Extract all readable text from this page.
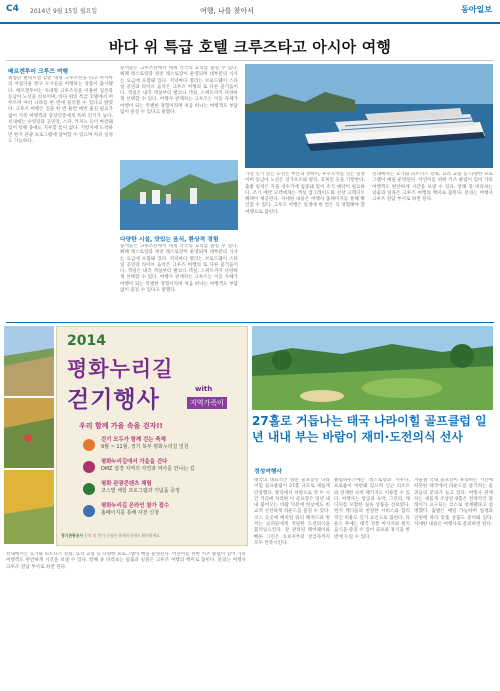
C4 2014년 9월 15일 월요일	여행, 나를 찾아서	동아일보
바다 위 특급 호텔 크루즈타고 아시아 여행
베르겐투어 크루즈 여행
최첨단 편의시설 갖춘 대형 크루즈선을 타고 아시아의 아름다운 항구 도시들을 여행하는 상품이 출시됐다. 베르겐투어는 초대형 크루즈선을 이용한 일본과 동남아 노선을 선보이며, 바다 위의 특급 호텔에서 머무르며 여러 나라를 한 번에 둘러볼 수 있다고 밝혔다. 크루즈 여행은 짐을 한 번 풀면 매번 옮길 필요가 없어 가족 여행객과 중장년층에게 특히 인기가 높다. 선내에는 수영장과 공연장, 스파, 카지노 등이 마련돼 있어 항해 중에도 지루할 틈이 없다. 기항지에 도착하면 현지 관광 프로그램에 참여할 수 있으며 자유 일정도 가능하다.
승객들은 크루즈선에서 세계 각국의 요리를 즐길 수 있다. 뷔페 레스토랑과 정찬 레스토랑이 운영되며 대부분의 식사는 요금에 포함돼 있다. 저녁마다 열리는 브로드웨이 스타일 공연과 라이브 음악은 크루즈 여행의 또 다른 즐거움이다. 객실은 내측 객실부터 발코니 객실, 스위트까지 다양하게 선택할 수 있다. 여행사 관계자는 크루즈는 이동 자체가 여행이 되는 특별한 경험이라며 처음 떠나는 여행객도 부담 없이 즐길 수 있다고 말했다.
다양한 시설, 맛있는 음식, 환상적 경험
승객들은 크루즈선에서 세계 각국의 요리를 즐길 수 있다. 뷔페 레스토랑과 정찬 레스토랑이 운영되며 대부분의 식사는 요금에 포함돼 있다. 저녁마다 열리는 브로드웨이 스타일 공연과 라이브 음악은 크루즈 여행의 또 다른 즐거움이다. 객실은 내측 객실부터 발코니 객실, 스위트까지 다양하게 선택할 수 있다. 여행사 관계자는 크루즈는 이동 자체가 여행이 되는 특별한 경험이라며 처음 떠나는 여행객도 부담 없이 즐길 수 있다고 말했다.
가장 인기 있는 노선은 부산과 상하이, 후쿠오카를 잇는 일정이며 동남아 노선은 싱가포르와 방콕, 호찌민 등을 기항한다. 출발 일정은 가을 성수기에 집중돼 있어 조기 예약이 필요하다. 조기 예약 고객에게는 객실 업그레이드와 선상 크레디트 혜택이 제공된다. 자세한 내용은 여행사 홈페이지를 통해 확인할 수 있다. 크루즈 여행은 일생에 한 번은 꼭 경험해야 할 여행으로 꼽힌다.
선내에서는 요가와 피트니스 강좌, 요리 교실 등 다양한 프로그램이 매일 운영된다. 어린이를 위한 키즈 클럽이 있어 가족 여행객도 편안하게 시간을 보낼 수 있다. 항해 중 바라보는 일출과 일몰은 크루즈 여행의 백미로 꼽힌다. 문의는 여행사 크루즈 전담 부서로 하면 된다.
2014
평화누리길
걷기행사	with
지역가족이
우리 함께 가을 속을 걷자!!
걷기 모두가 함께 걷는 축제
9월 ~ 11월, 경기 북부 평화누리길 일원
평화누리길에서 가을을 걷다
DMZ 접경 지역의 자연과 역사를 만나는 길
평화 관광콘텐츠 체험
코스별 체험 프로그램과 기념품 증정
평화누리길 온라인 참가 접수
홈페이지를 통해 사전 신청
경기관광공사 문의 및 참가 신청은 홈페이지에서 확인하세요
27홀로 거듭나는 태국 나라이힐 골프클럽 일년 내내 부는 바람이 재미·도전의식 선사
정성여행사
태국의 대표적인 명문 골프장인 나라이힐 골프클럽이 27홀 규모로 새롭게 단장했다. 방콕에서 차량으로 약 두 시간 거리에 자리한 이 골프장은 일년 내내 불어오는 바람 덕분에 한낮에도 비교적 선선하게 라운드를 즐길 수 있다. 코스 곳곳에 배치된 워터 해저드와 벙커는 골퍼들에게 적당한 도전의식을 불러일으킨다. 잘 관리된 페어웨이와 빠른 그린은 초보자부터 상급자까지 모두 만족시킨다.
클럽하우스에는 레스토랑과 사우나, 프로숍이 마련돼 있으며 인근 리조트와 연계한 숙박 패키지도 이용할 수 있다. 여행사는 항공과 숙박, 그린피, 캐디피를 포함한 실속 상품을 선보였다. 현지 캐디들의 친절한 서비스와 합리적인 비용도 인기 요인으로 꼽힌다. 라운드 후에는 태국 전통 마사지와 현지 음식을 즐길 수 있어 골프와 휴식을 한 번에 누릴 수 있다.
겨울철 국내 골프장이 휴장하는 기간에 따뜻한 태국에서 라운드를 즐기려는 골퍼들의 문의가 늘고 있다. 여행사 관계자는 새롭게 조성된 9홀은 전략적인 플레이가 요구되는 코스로 설계됐다고 설명했다. 출발은 매일 가능하며 일정과 인원에 따라 맞춤 상품도 준비돼 있다. 자세한 내용은 여행사로 문의하면 된다.
선내에서는 요가와 피트니스 강좌, 요리 교실 등 다양한 프로그램이 매일 운영된다. 어린이를 위한 키즈 클럽이 있어 가족 여행객도 편안하게 시간을 보낼 수 있다. 항해 중 바라보는 일출과 일몰은 크루즈 여행의 백미로 꼽힌다. 문의는 여행사 크루즈 전담 부서로 하면 된다.
